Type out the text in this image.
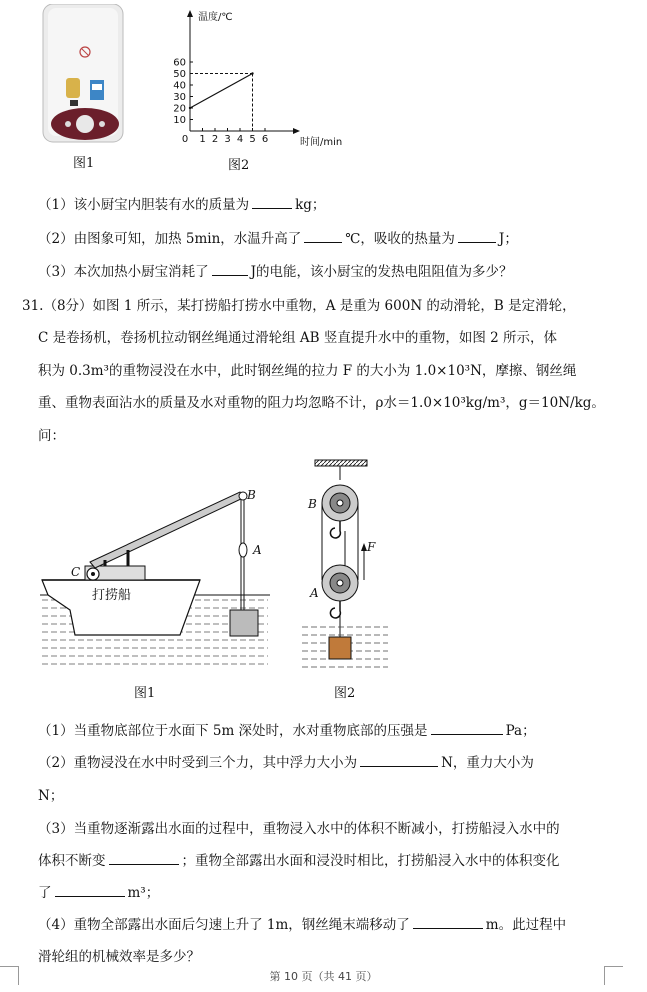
图1
10
20
30
40
50
60
1 2 3 4 5 6
0
温度/℃
时间/min
图2
（1）该小厨宝内胆装有水的质量为	kg；
（2）由图象可知，加热 5min，水温升高了	℃，吸收的热量为	J；
（3）本次加热小厨宝消耗了	J的电能，该小厨宝的发热电阻阻值为多少？
31.（8分）如图 1 所示，某打捞船打捞水中重物，A 是重为 600N 的动滑轮，B 是定滑轮，
C 是卷扬机，卷扬机拉动钢丝绳通过滑轮组 AB 竖直提升水中的重物，如图 2 所示，体
积为 0.3m³的重物浸没在水中，此时钢丝绳的拉力 F 的大小为 1.0×10³N，摩擦、钢丝绳
重、重物表面沾水的质量及水对重物的阻力均忽略不计，ρ水＝1.0×10³kg/m³，g＝10N/kg。
问：
B
A
C
打捞船
图1
B
F
A
图2
（1）当重物底部位于水面下 5m 深处时，水对重物底部的压强是	Pa；
（2）重物浸没在水中时受到三个力，其中浮力大小为	N，重力大小为
N；
（3）当重物逐渐露出水面的过程中，重物浸入水中的体积不断减小，打捞船浸入水中的
体积不断变	；重物全部露出水面和浸没时相比，打捞船浸入水中的体积变化
了	m³；
（4）重物全部露出水面后匀速上升了 1m，钢丝绳末端移动了	m。此过程中
滑轮组的机械效率是多少？
第 10 页（共 41 页）
